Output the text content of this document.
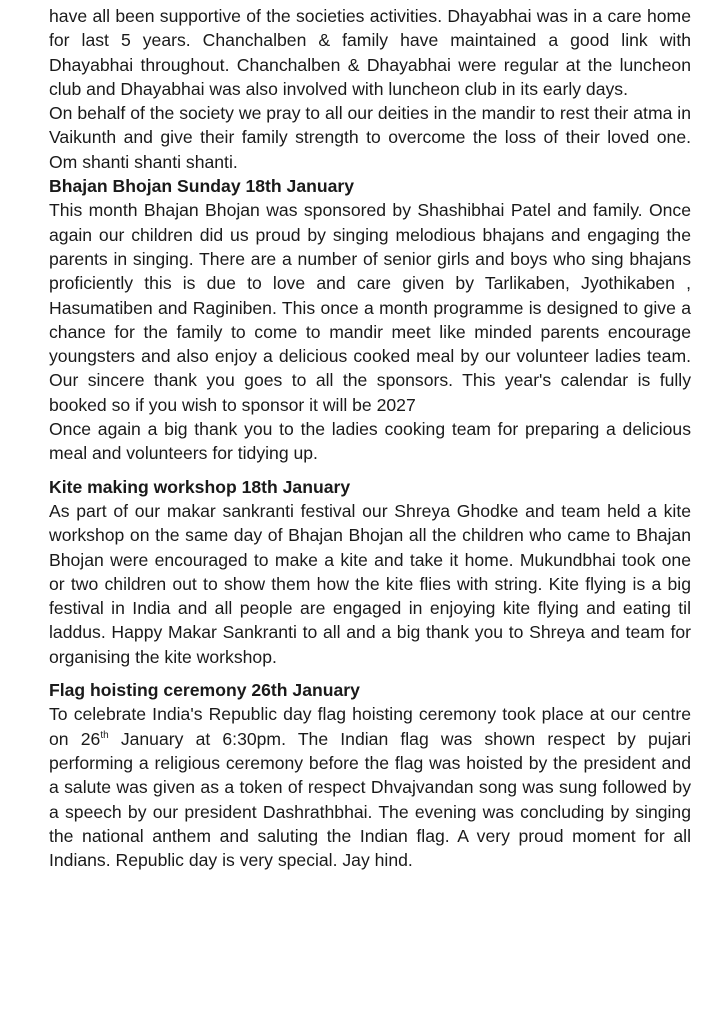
have all been supportive of the societies activities. Dhayabhai was in a care home for last 5 years. Chanchalben & family have maintained a good link with Dhayabhai throughout. Chanchalben & Dhayabhai were regular at the luncheon club and Dhayabhai was also involved with luncheon club in its early days.

On behalf of the society we pray to all our deities in the mandir to rest their atma in Vaikunth and give their family strength to overcome the loss of their loved one. Om shanti shanti shanti.

Bhajan Bhojan Sunday 18th January

This month Bhajan Bhojan was sponsored by Shashibhai Patel and family. Once again our children did us proud by singing melodious bhajans and engaging the parents in singing. There are a number of senior girls and boys who sing bhajans proficiently this is due to love and care given by Tarlikaben, Jyothikaben , Hasumatiben and Raginiben. This once a month programme is designed to give a chance for the family to come to mandir meet like minded parents encourage youngsters and also enjoy a delicious cooked meal by our volunteer ladies team. Our sincere thank you goes to all the sponsors. This year's calendar is fully booked so if you wish to sponsor it will be 2027

Once again a big thank you to the ladies cooking team for preparing a delicious meal and volunteers for tidying up.

Kite making workshop 18th January

As part of our makar sankranti festival our Shreya Ghodke and team held a kite workshop on the same day of Bhajan Bhojan all the children who came to Bhajan Bhojan were encouraged to make a kite and take it home. Mukundbhai took one or two children out to show them how the kite flies with string. Kite flying is a big festival in India and all people are engaged in enjoying kite flying and eating til laddus. Happy Makar Sankranti to all and a big thank you to Shreya and team for organising the kite workshop.

Flag hoisting ceremony 26th January

To celebrate India's Republic day flag hoisting ceremony took place at our centre on 26th January at 6:30pm. The Indian flag was shown respect by pujari performing a religious ceremony before the flag was hoisted by the president and a salute was given as a token of respect Dhvajvandan song was sung followed by a speech by our president Dashrathbhai. The evening was concluding by singing the national anthem and saluting the Indian flag. A very proud moment for all Indians. Republic day is very special. Jay hind.
